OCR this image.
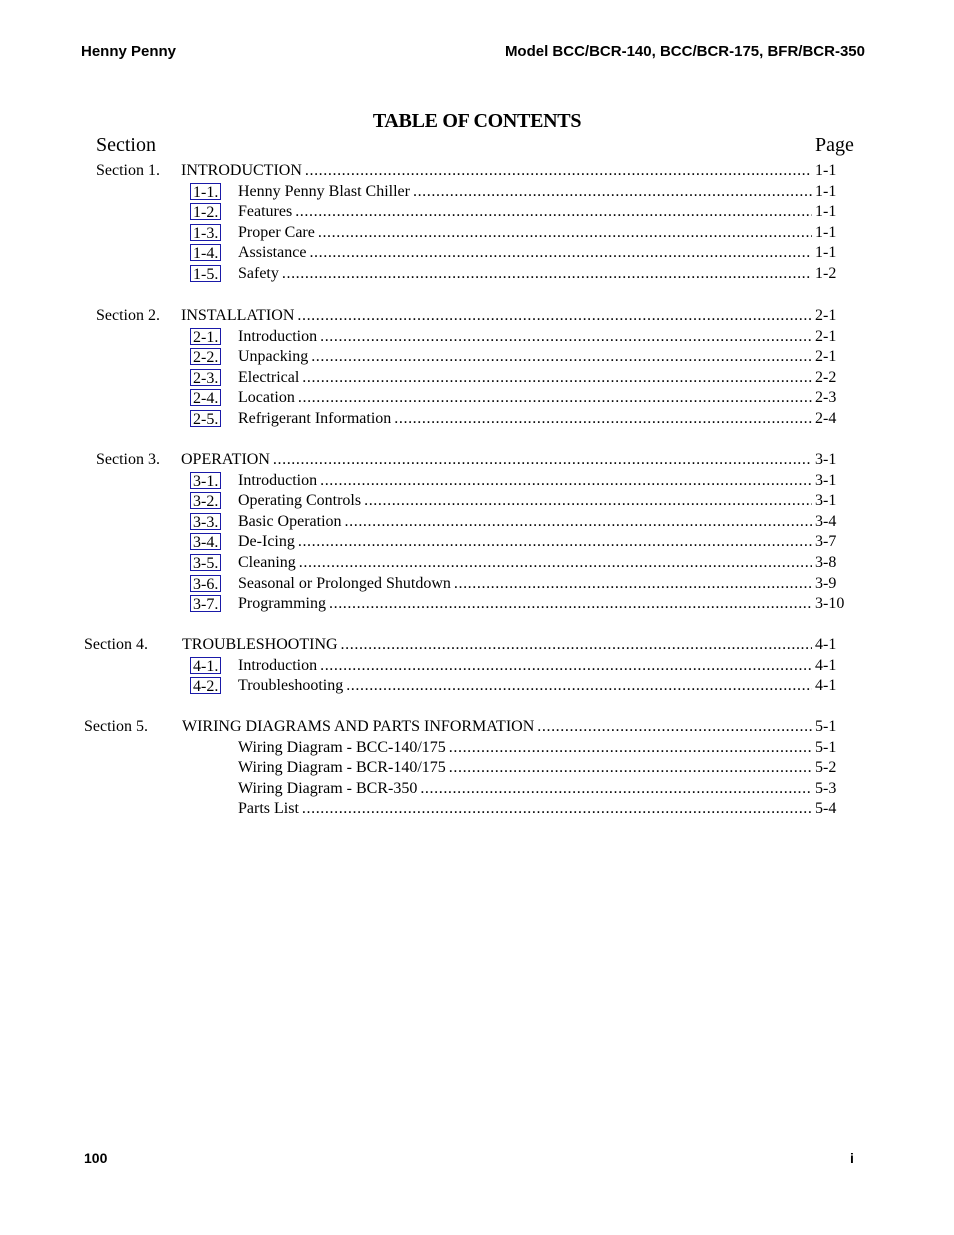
Henny Penny	Model BCC/BCR-140, BCC/BCR-175, BFR/BCR-350
TABLE OF CONTENTS
Section	Page
Section 1. INTRODUCTION .....	1-1
1-1. Henny Penny Blast Chiller .....	1-1
1-2. Features .....	1-1
1-3. Proper Care .....	1-1
1-4. Assistance .....	1-1
1-5. Safety .....	1-2
Section 2. INSTALLATION .....	2-1
2-1. Introduction .....	2-1
2-2. Unpacking .....	2-1
2-3. Electrical .....	2-2
2-4. Location .....	2-3
2-5. Refrigerant Information .....	2-4
Section 3. OPERATION .....	3-1
3-1. Introduction .....	3-1
3-2. Operating Controls .....	3-1
3-3. Basic Operation .....	3-4
3-4. De-Icing .....	3-7
3-5. Cleaning .....	3-8
3-6. Seasonal or Prolonged Shutdown .....	3-9
3-7. Programming .....	3-10
Section 4. TROUBLESHOOTING .....	4-1
4-1. Introduction .....	4-1
4-2. Troubleshooting .....	4-1
Section 5. WIRING DIAGRAMS AND PARTS INFORMATION .....	5-1
Wiring Diagram - BCC-140/175 .....	5-1
Wiring Diagram - BCR-140/175 .....	5-2
Wiring Diagram - BCR-350 .....	5-3
Parts List .....	5-4
100	i
